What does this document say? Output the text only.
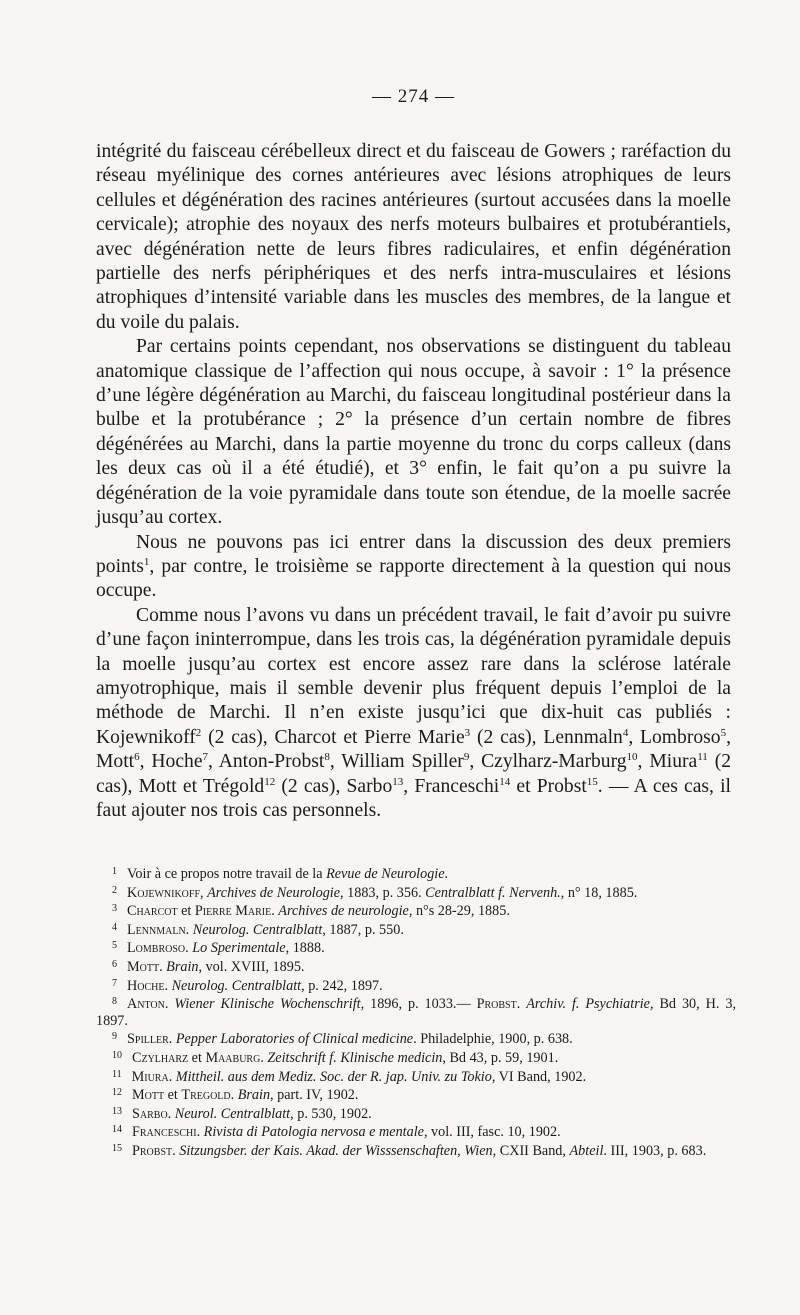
— 274 —

intégrité du faisceau cérébelleux direct et du faisceau de Gowers ; raréfaction du réseau myélinique des cornes antérieures avec lésions atrophiques de leurs cellules et dégénération des racines antérieures (surtout accusées dans la moelle cervicale); atrophie des noyaux des nerfs moteurs bulbaires et protubérantiels, avec dégénération nette de leurs fibres radiculaires, et enfin dégénération partielle des nerfs périphériques et des nerfs intra-musculaires et lésions atrophiques d’intensité variable dans les muscles des membres, de la langue et du voile du palais.

Par certains points cependant, nos observations se distinguent du tableau anatomique classique de l’affection qui nous occupe, à savoir : 1° la présence d’une légère dégénération au Marchi, du faisceau longitudinal postérieur dans la bulbe et la protubérance ; 2° la présence d’un certain nombre de fibres dégénérées au Marchi, dans la partie moyenne du tronc du corps calleux (dans les deux cas où il a été étudié), et 3° enfin, le fait qu’on a pu suivre la dégénération de la voie pyramidale dans toute son étendue, de la moelle sacrée jusqu’au cortex.

Nous ne pouvons pas ici entrer dans la discussion des deux premiers points$^1$, par contre, le troisième se rapporte directement à la question qui nous occupe.

Comme nous l’avons vu dans un précédent travail, le fait d’avoir pu suivre d’une façon ininterrompue, dans les trois cas, la dégénération pyramidale depuis la moelle jusqu’au cortex est encore assez rare dans la sclérose latérale amyotrophique, mais il semble devenir plus fréquent depuis l’emploi de la méthode de Marchi. Il n’en existe jusqu’ici que dix-huit cas publiés : Kojewnikoff$^2$ (2 cas), Charcot et Pierre Marie$^3$ (2 cas), Lennmaln$^4$, Lombroso$^5$, Mott$^6$, Hoche$^7$, Anton-Probst$^8$, William Spiller$^9$, Czylharz-Marburg$^{10}$, Miura$^{11}$ (2 cas), Mott et Trégold$^{12}$ (2 cas), Sarbo$^{13}$, Franceschi$^{14}$ et Probst$^{15}$. — A ces cas, il faut ajouter nos trois cas personnels.

1 Voir à ce propos notre travail de la Revue de Neurologie.
2 Kojewnikoff, Archives de Neurologie, 1883, p. 356. Centralblatt f. Nervenh., n° 18, 1885.
3 Charcot et Pierre Marie. Archives de neurologie, n°s 28-29, 1885.
4 Lennmaln. Neurolog. Centralblatt, 1887, p. 550.
5 Lombroso. Lo Sperimentale, 1888.
6 Mott. Brain, vol. XVIII, 1895.
7 Hoche. Neurolog. Centralblatt, p. 242, 1897.
8 Anton. Wiener Klinische Wochenschrift, 1896, p. 1033.— Probst. Archiv. f. Psychiatrie, Bd 30, H. 3, 1897.
9 Spiller. Pepper Laboratories of Clinical medicine. Philadelphie, 1900, p. 638.
10 Czylharz et Maaburg. Zeitschrift f. Klinische medicin, Bd 43, p. 59, 1901.
11 Miura. Mittheil. aus dem Mediz. Soc. der R. jap. Univ. zu Tokio, VI Band, 1902.
12 Mott et Tregold. Brain, part. IV, 1902.
13 Sarbo. Neurol. Centralblatt, p. 530, 1902.
14 Franceschi. Rivista di Patologia nervosa e mentale, vol. III, fasc. 10, 1902.
15 Probst. Sitzungsber. der Kais. Akad. der Wisssenschaften, Wien, CXII Band, Abteil. III, 1903, p. 683.
